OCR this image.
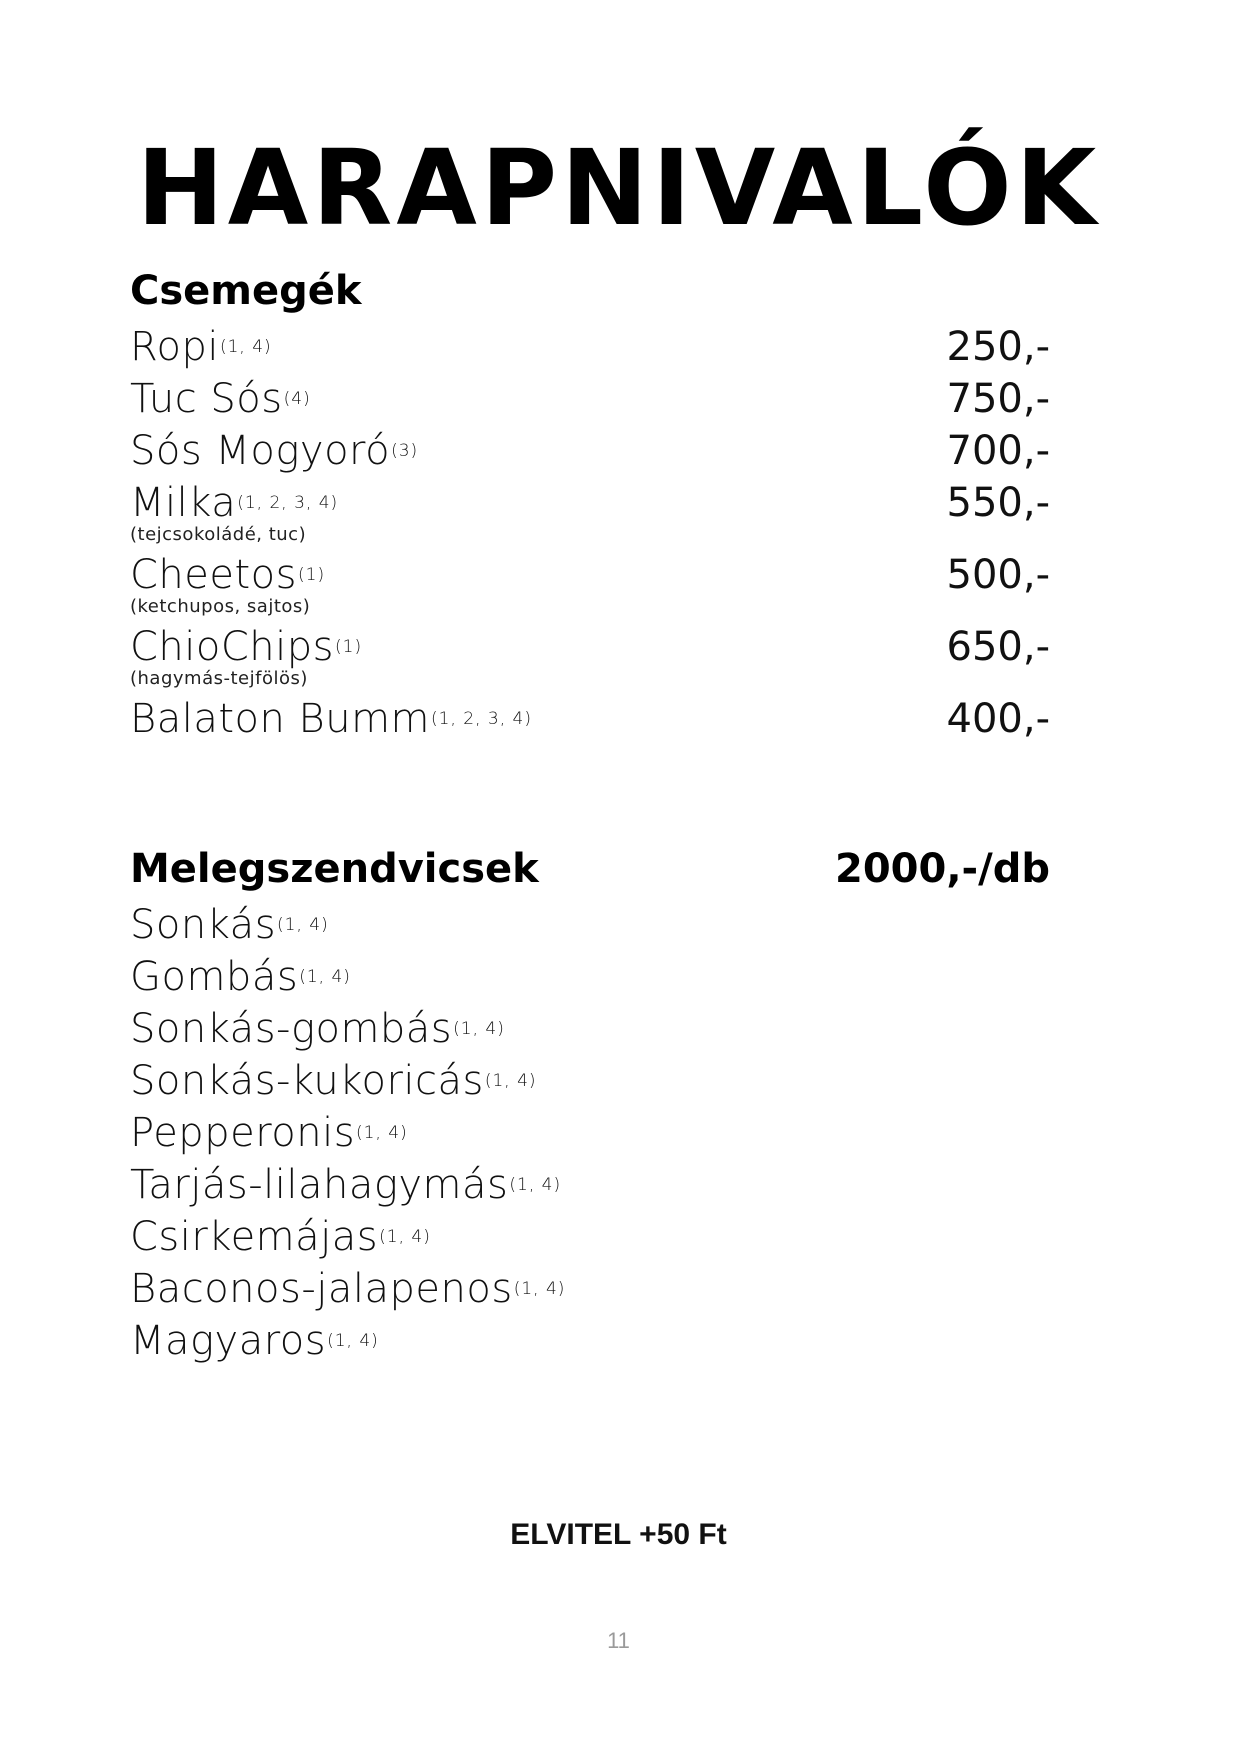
HARAPNIVALÓK
Csemegék
Ropi$^{(1, 4)}$	250,-
Tuc Sós$^{(4)}$	750,-
Sós Mogyoró$^{(3)}$	700,-
Milka$^{(1, 2, 3, 4)}$	550,-
(tejcsokoládé, tuc)
Cheetos$^{(1)}$	500,-
(ketchupos, sajtos)
ChioChips$^{(1)}$	650,-
(hagymás-tejfölös)
Balaton Bumm$^{(1, 2, 3, 4)}$	400,-
Melegszendvicsek	2000,-/db
Sonkás$^{(1, 4)}$
Gombás$^{(1, 4)}$
Sonkás-gombás$^{(1, 4)}$
Sonkás-kukoricás$^{(1, 4)}$
Pepperonis$^{(1, 4)}$
Tarjás-lilahagymás$^{(1, 4)}$
Csirkemájas$^{(1, 4)}$
Baconos-jalapenos$^{(1, 4)}$
Magyaros$^{(1, 4)}$
ELVITEL +50 Ft
11
